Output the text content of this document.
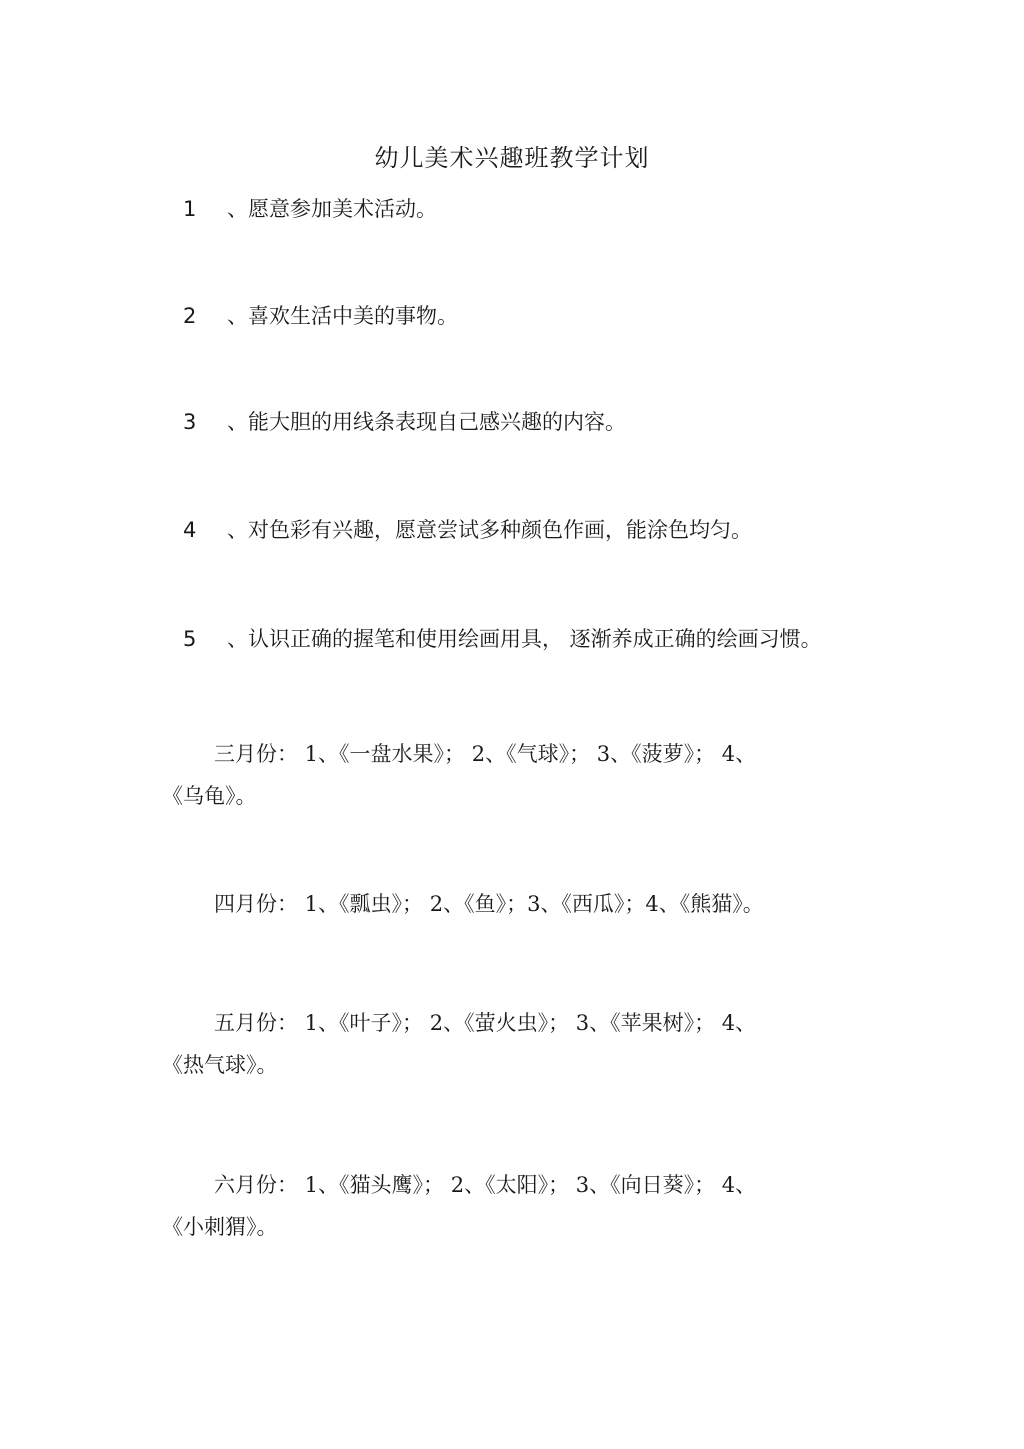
幼儿美术兴趣班教学计划
1 、愿意参加美术活动。
2 、喜欢生活中美的事物。
3 、能大胆的用线条表现自己感兴趣的内容。
4 、对色彩有兴趣，愿意尝试多种颜色作画，能涂色均匀。
5 、认识正确的握笔和使用绘画用具， 逐渐养成正确的绘画习惯。
三月份： 1、《一盘水果》； 2、《气球》； 3、《菠萝》； 4、
《乌龟》。
四月份： 1、《瓢虫》； 2、《鱼》；3、《西瓜》；4、《熊猫》。
五月份： 1、《叶子》； 2、《萤火虫》； 3、《苹果树》； 4、
《热气球》。
六月份： 1、《猫头鹰》； 2、《太阳》； 3、《向日葵》； 4、
《小刺猬》。
